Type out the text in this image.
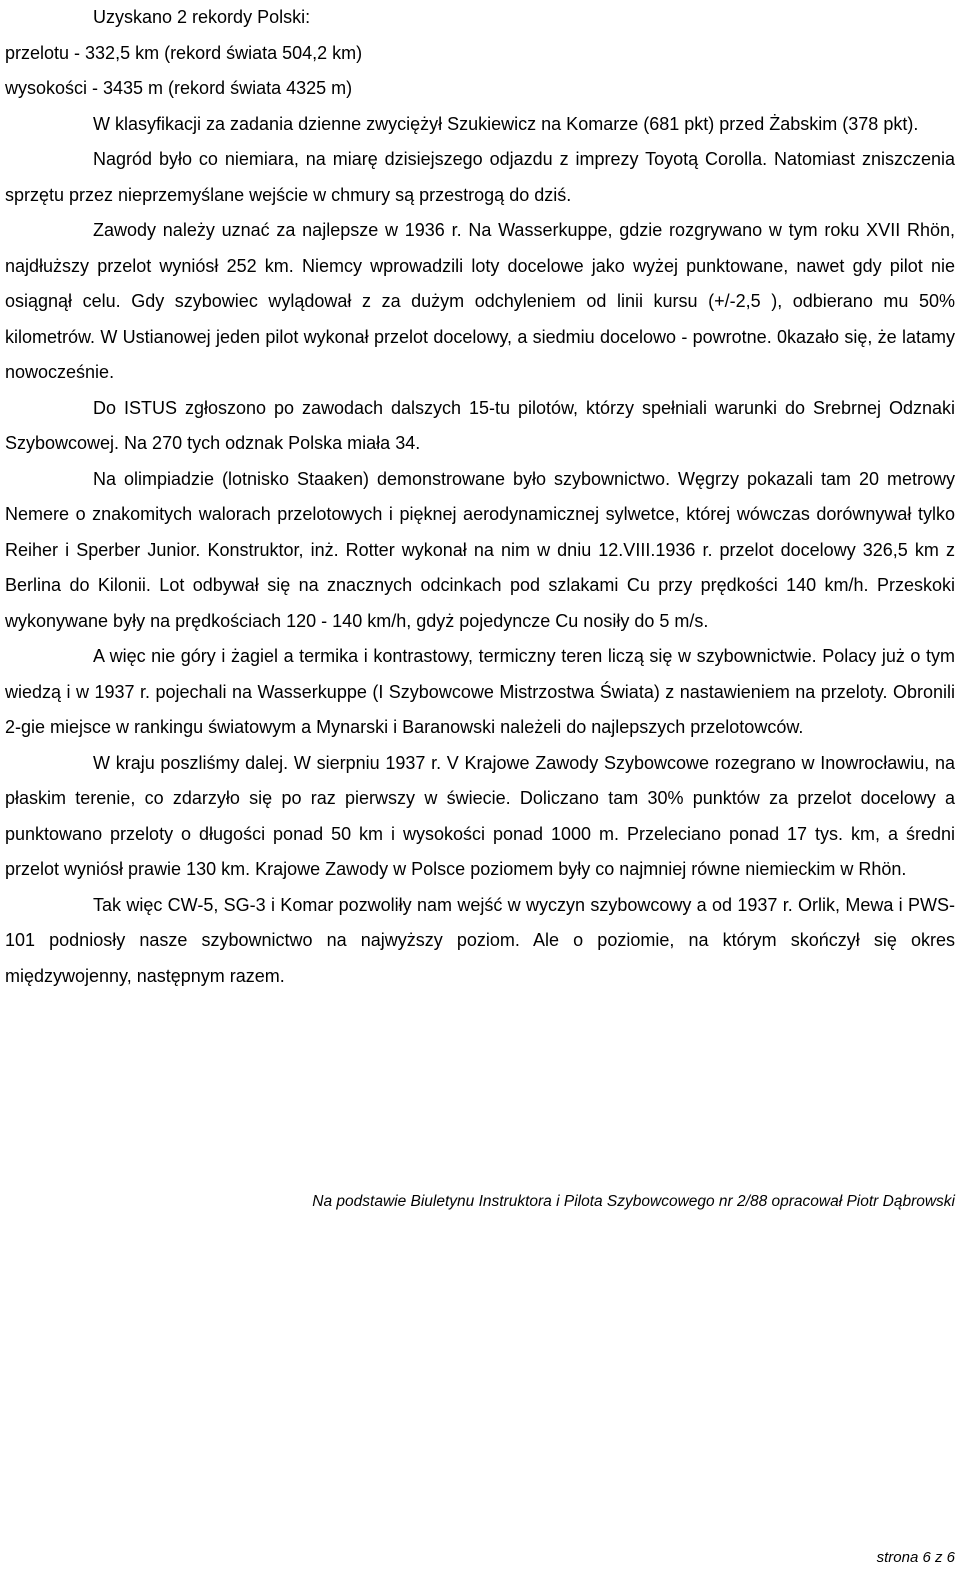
Uzyskano 2 rekordy Polski:
przelotu - 332,5 km (rekord świata 504,2 km)
wysokości - 3435 m (rekord świata 4325 m)

W klasyfikacji za zadania dzienne zwyciężył Szukiewicz na Komarze (681 pkt) przed Żabskim (378 pkt).

Nagród było co niemiara, na miarę dzisiejszego odjazdu z imprezy Toyotą Corolla. Natomiast zniszczenia sprzętu przez nieprzemyślane wejście w chmury są przestrogą do dziś.

Zawody należy uznać za najlepsze w 1936 r. Na Wasserkuppe, gdzie rozgrywano w tym roku XVII Rhön, najdłuższy przelot wyniósł 252 km. Niemcy wprowadzili loty docelowe jako wyżej punktowane, nawet gdy pilot nie osiągnął celu. Gdy szybowiec wylądował z za dużym odchyleniem od linii kursu (+/-2,5 ), odbierano mu 50% kilometrów. W Ustianowej jeden pilot wykonał przelot docelowy, a siedmiu docelowo - powrotne. 0kazało się, że latamy nowocześnie.

Do ISTUS zgłoszono po zawodach dalszych 15-tu pilotów, którzy spełniali warunki do Srebrnej Odznaki Szybowcowej. Na 270 tych odznak Polska miała 34.

Na olimpiadzie (lotnisko Staaken) demonstrowane było szybownictwo. Węgrzy pokazali tam 20 metrowy Nemere o znakomitych walorach przelotowych i pięknej aerodynamicznej sylwetce, której wówczas dorównywał tylko Reiher i Sperber Junior. Konstruktor, inż. Rotter wykonał na nim w dniu 12.VIII.1936 r. przelot docelowy 326,5 km z Berlina do Kilonii. Lot odbywał się na znacznych odcinkach pod szlakami Cu przy prędkości 140 km/h. Przeskoki wykonywane były na prędkościach 120 - 140 km/h, gdyż pojedyncze Cu nosiły do 5 m/s.

A więc nie góry i żagiel a termika i kontrastowy, termiczny teren liczą się w szybownictwie. Polacy już o tym wiedzą i w 1937 r. pojechali na Wasserkuppe (I Szybowcowe Mistrzostwa Świata) z nastawieniem na przeloty. Obronili 2-gie miejsce w rankingu światowym a Mynarski i Baranowski należeli do najlepszych przelotowców.

W kraju poszliśmy dalej. W sierpniu 1937 r. V Krajowe Zawody Szybowcowe rozegrano w Inowrocławiu, na płaskim terenie, co zdarzyło się po raz pierwszy w świecie. Doliczano tam 30% punktów za przelot docelowy a punktowano przeloty o długości ponad 50 km i wysokości ponad 1000 m. Przeleciano ponad 17 tys. km, a średni przelot wyniósł prawie 130 km. Krajowe Zawody w Polsce poziomem były co najmniej równe niemieckim w Rhön.

Tak więc CW-5, SG-3 i Komar pozwoliły nam wejść w wyczyn szybowcowy a od 1937 r. Orlik, Mewa i PWS-101 podniosły nasze szybownictwo na najwyższy poziom. Ale o poziomie, na którym skończył się okres międzywojenny, następnym razem.

Na podstawie Biuletynu Instruktora i Pilota Szybowcowego nr 2/88 opracował Piotr Dąbrowski
strona 6 z 6
